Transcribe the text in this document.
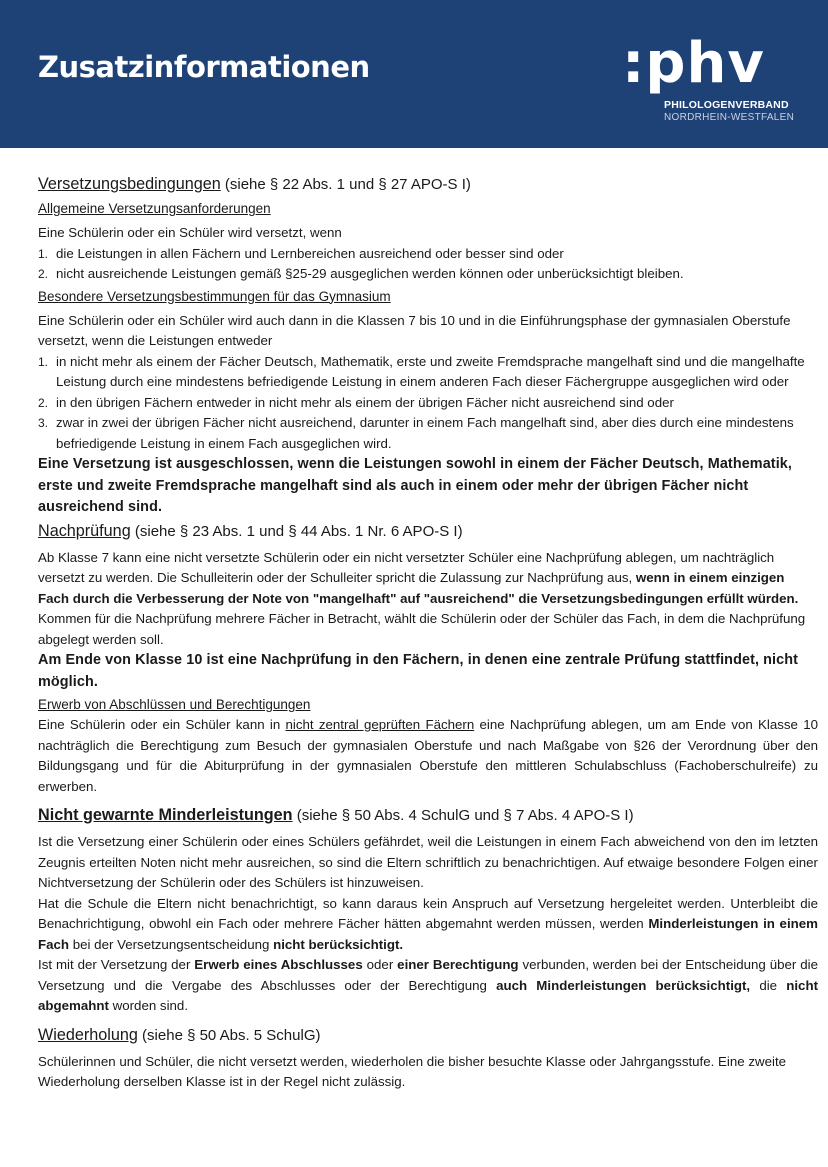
Zusatzinformationen	:phv
PHILOLOGENVERBAND
NORDRHEIN-WESTFALEN
Versetzungsbedingungen (siehe § 22 Abs. 1 und § 27 APO-S I)
Allgemeine Versetzungsanforderungen

Eine Schülerin oder ein Schüler wird versetzt, wenn

1. die Leistungen in allen Fächern und Lernbereichen ausreichend oder besser sind oder
2. nicht ausreichende Leistungen gemäß §25-29 ausgeglichen werden können oder unberücksichtigt bleiben.
Besondere Versetzungsbestimmungen für das Gymnasium

Eine Schülerin oder ein Schüler wird auch dann in die Klassen 7 bis 10 und in die Einführungsphase der gymnasialen Oberstufe versetzt, wenn die Leistungen entweder

1. in nicht mehr als einem der Fächer Deutsch, Mathematik, erste und zweite Fremdsprache mangelhaft sind und die mangelhafte Leistung durch eine mindestens befriedigende Leistung in einem anderen Fach dieser Fächergruppe ausgeglichen wird oder
2. in den übrigen Fächern entweder in nicht mehr als einem der übrigen Fächer nicht ausreichend sind oder
3. zwar in zwei der übrigen Fächer nicht ausreichend, darunter in einem Fach mangelhaft sind, aber dies durch eine mindestens befriedigende Leistung in einem Fach ausgeglichen wird.

Eine Versetzung ist ausgeschlossen, wenn die Leistungen sowohl in einem der Fächer Deutsch, Mathematik, erste und zweite Fremdsprache mangelhaft sind als auch in einem oder mehr der übrigen Fächer nicht ausreichend sind.

Nachprüfung (siehe § 23 Abs. 1 und § 44 Abs. 1 Nr. 6 APO-S I)

Ab Klasse 7 kann eine nicht versetzte Schülerin oder ein nicht versetzter Schüler eine Nachprüfung ablegen, um nachträglich versetzt zu werden. Die Schulleiterin oder der Schulleiter spricht die Zulassung zur Nachprüfung aus, wenn in einem einzigen Fach durch die Verbesserung der Note von "mangelhaft" auf "ausreichend" die Versetzungsbedingungen erfüllt würden. Kommen für die Nachprüfung mehrere Fächer in Betracht, wählt die Schülerin oder der Schüler das Fach, in dem die Nachprüfung abgelegt werden soll.

Am Ende von Klasse 10 ist eine Nachprüfung in den Fächern, in denen eine zentrale Prüfung stattfindet, nicht möglich.

Erwerb von Abschlüssen und Berechtigungen

Eine Schülerin oder ein Schüler kann in nicht zentral geprüften Fächern eine Nachprüfung ablegen, um am Ende von Klasse 10 nachträglich die Berechtigung zum Besuch der gymnasialen Oberstufe und nach Maßgabe von §26 der Verordnung über den Bildungsgang und für die Abiturprüfung in der gymnasialen Oberstufe den mittleren Schulabschluss (Fachoberschulreife) zu erwerben.

Nicht gewarnte Minderleistungen (siehe § 50 Abs. 4 SchulG und § 7 Abs. 4 APO-S I)

Ist die Versetzung einer Schülerin oder eines Schülers gefährdet, weil die Leistungen in einem Fach abweichend von den im letzten Zeugnis erteilten Noten nicht mehr ausreichen, so sind die Eltern schriftlich zu benachrichtigen. Auf etwaige besondere Folgen einer Nichtversetzung der Schülerin oder des Schülers ist hinzuweisen.

Hat die Schule die Eltern nicht benachrichtigt, so kann daraus kein Anspruch auf Versetzung hergeleitet werden. Unterbleibt die Benachrichtigung, obwohl ein Fach oder mehrere Fächer hätten abgemahnt werden müssen, werden Minderleistungen in einem Fach bei der Versetzungsentscheidung nicht berücksichtigt.

Ist mit der Versetzung der Erwerb eines Abschlusses oder einer Berechtigung verbunden, werden bei der Entscheidung über die Versetzung und die Vergabe des Abschlusses oder der Berechtigung auch Minderleistungen berücksichtigt, die nicht abgemahnt worden sind.

Wiederholung (siehe § 50 Abs. 5 SchulG)

Schülerinnen und Schüler, die nicht versetzt werden, wiederholen die bisher besuchte Klasse oder Jahrgangsstufe. Eine zweite Wiederholung derselben Klasse ist in der Regel nicht zulässig.
